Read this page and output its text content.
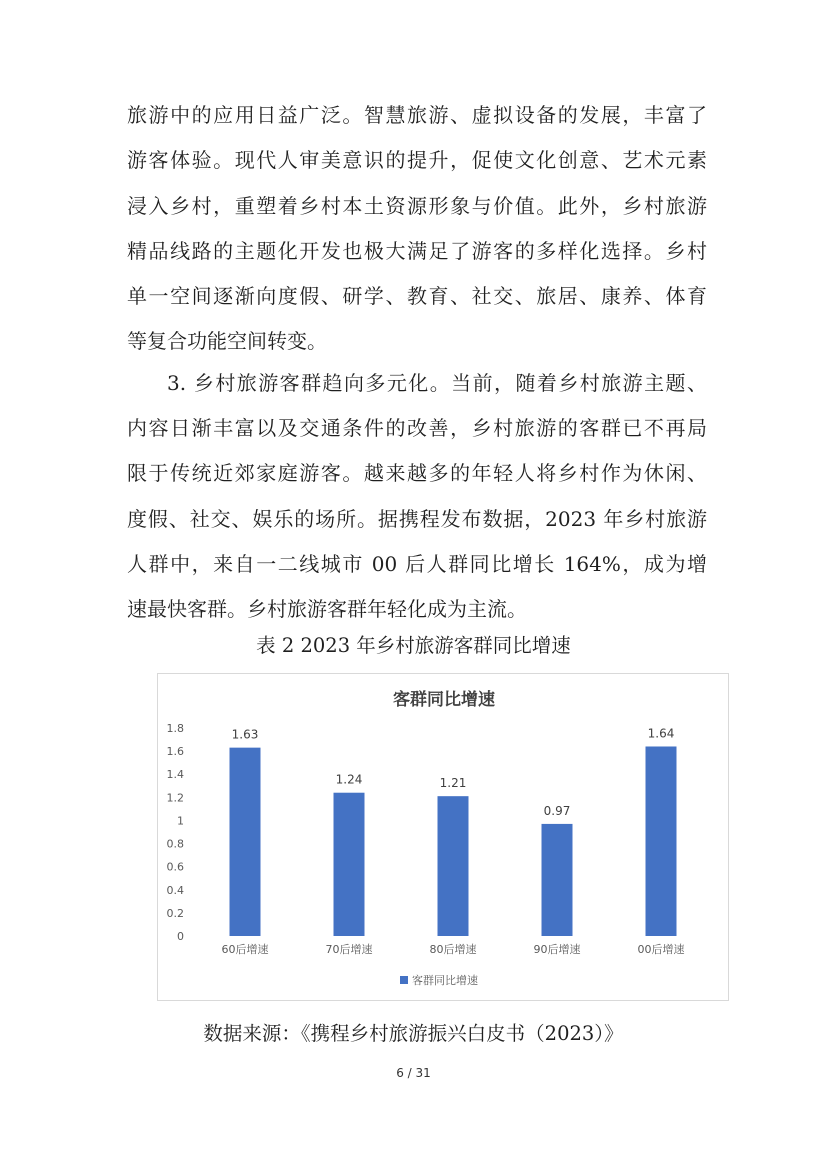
旅游中的应用日益广泛。智慧旅游、虚拟设备的发展，丰富了
游客体验。现代人审美意识的提升，促使文化创意、艺术元素
浸入乡村，重塑着乡村本土资源形象与价值。此外，乡村旅游
精品线路的主题化开发也极大满足了游客的多样化选择。乡村
单一空间逐渐向度假、研学、教育、社交、旅居、康养、体育
等复合功能空间转变。
3. 乡村旅游客群趋向多元化。当前，随着乡村旅游主题、
内容日渐丰富以及交通条件的改善，乡村旅游的客群已不再局
限于传统近郊家庭游客。越来越多的年轻人将乡村作为休闲、
度假、社交、娱乐的场所。据携程发布数据，2023 年乡村旅游
人群中，来自一二线城市 00 后人群同比增长 164%，成为增
速最快客群。乡村旅游客群年轻化成为主流。
表 2 2023 年乡村旅游客群同比增速
客群同比增速
0
0.2
0.4
0.6
0.8
1
1.2
1.4
1.6
1.8	1.63
1.24	1.21
0.97
1.64
60后增速	70后增速	80后增速	90后增速	00后增速
客群同比增速
数据来源：《携程乡村旅游振兴白皮书（2023）》
6 / 31
